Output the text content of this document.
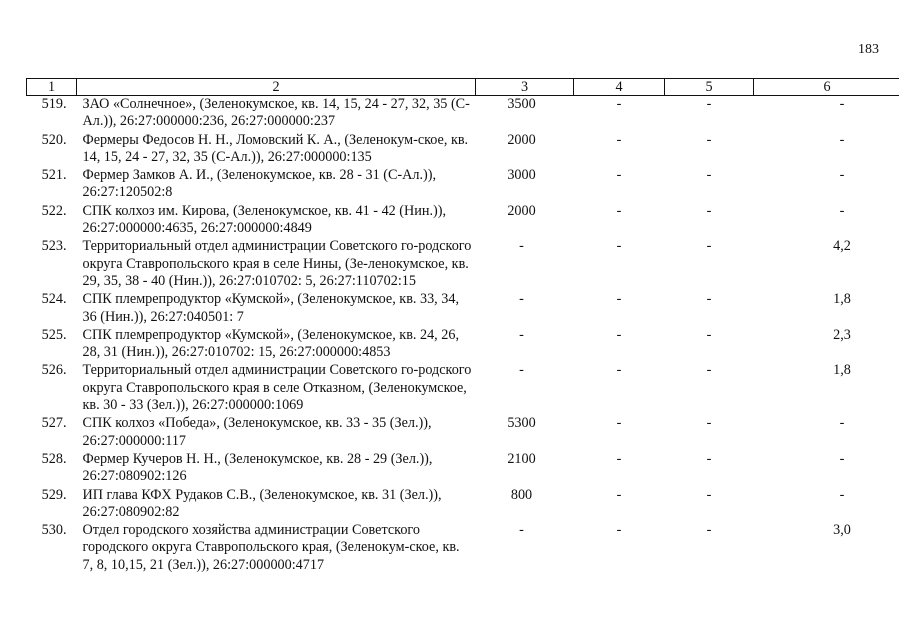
183
1	2	3	4	5	6
519.	ЗАО «Солнечное», (Зеленокумское, кв. 14, 15, 24 - 27, 32, 35 (С-Ал.)), 26:27:000000:236, 26:27:000000:237	3500	-	-	-
520.	Фермеры Федосов Н. Н., Ломовский К. А., (Зеленокум-ское, кв. 14, 15, 24 - 27, 32, 35 (С-Ал.)), 26:27:000000:135	2000	-	-	-
521.	Фермер Замков А. И., (Зеленокумское, кв. 28 - 31 (С-Ал.)), 26:27:120502:8	3000	-	-	-
522.	СПК колхоз им. Кирова, (Зеленокумское, кв. 41 - 42 (Нин.)), 26:27:000000:4635, 26:27:000000:4849	2000	-	-	-
523.	Территориальный отдел администрации Советского го-родского округа Ставропольского края в селе Нины, (Зе-ленокумское, кв. 29, 35, 38 - 40 (Нин.)), 26:27:010702: 5, 26:27:110702:15	-	-	-	4,2
524.	СПК племрепродуктор «Кумской», (Зеленокумское, кв. 33, 34, 36 (Нин.)), 26:27:040501: 7	-	-	-	1,8
525.	СПК племрепродуктор «Кумской», (Зеленокумское, кв. 24, 26, 28, 31 (Нин.)), 26:27:010702: 15, 26:27:000000:4853	-	-	-	2,3
526.	Территориальный отдел администрации Советского го-родского округа Ставропольского края в селе Отказном, (Зеленокумское, кв. 30 - 33 (Зел.)), 26:27:000000:1069	-	-	-	1,8
527.	СПК колхоз «Победа», (Зеленокумское, кв. 33 - 35 (Зел.)), 26:27:000000:117	5300	-	-	-
528.	Фермер Кучеров Н. Н., (Зеленокумское, кв. 28 - 29 (Зел.)), 26:27:080902:126	2100	-	-	-
529.	ИП глава КФХ Рудаков С.В., (Зеленокумское, кв. 31 (Зел.)), 26:27:080902:82	800	-	-	-
530.	Отдел городского хозяйства администрации Советского городского округа Ставропольского края, (Зеленокум-ское, кв. 7, 8, 10,15, 21 (Зел.)), 26:27:000000:4717	-	-	-	3,0
